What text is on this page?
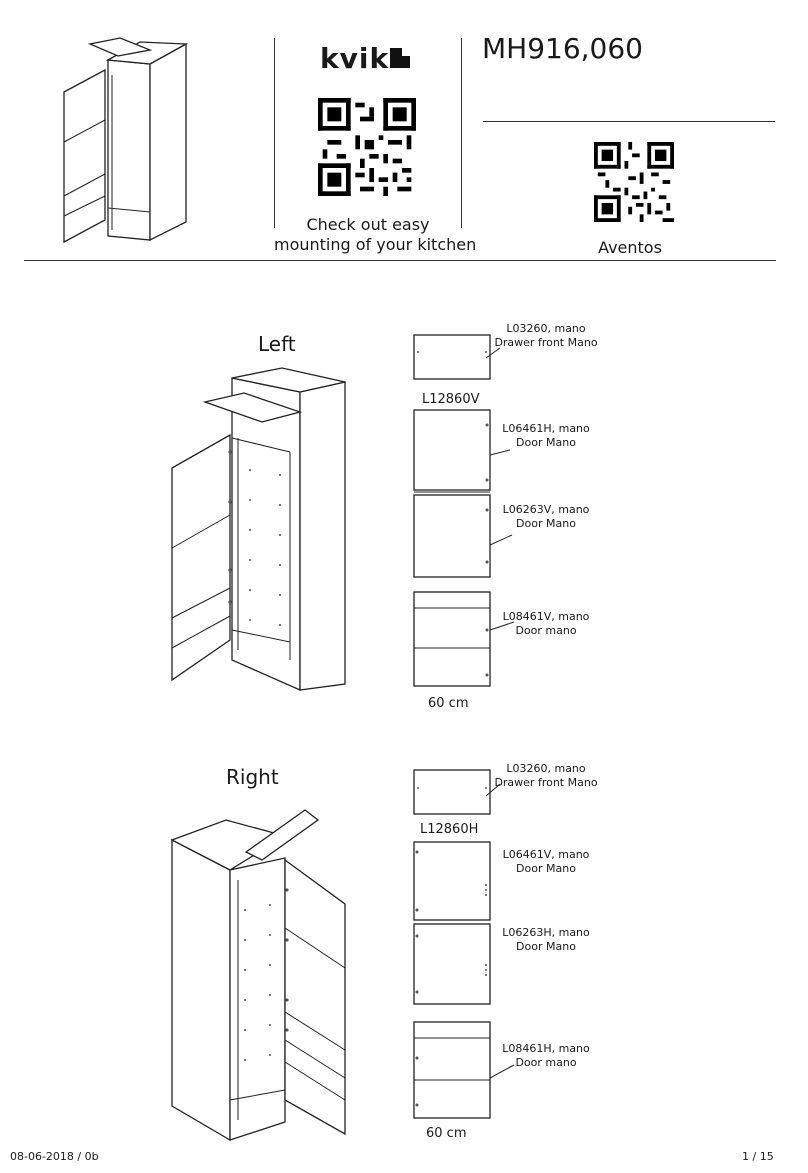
kvik
Check out easy
mounting of your kitchen
MH916,060
Aventos
Left
L03260, mano
Drawer front Mano
L12860V
L06461H, mano
Door Mano
L06263V, mano
Door Mano
L08461V, mano
Door mano
60 cm
Right	L03260, mano
Drawer front Mano
L12860H
L06461V, mano
Door Mano
L06263H, mano
Door Mano
L08461H, mano
Door mano
60 cm
08-06-2018 / 0b	1 / 15
